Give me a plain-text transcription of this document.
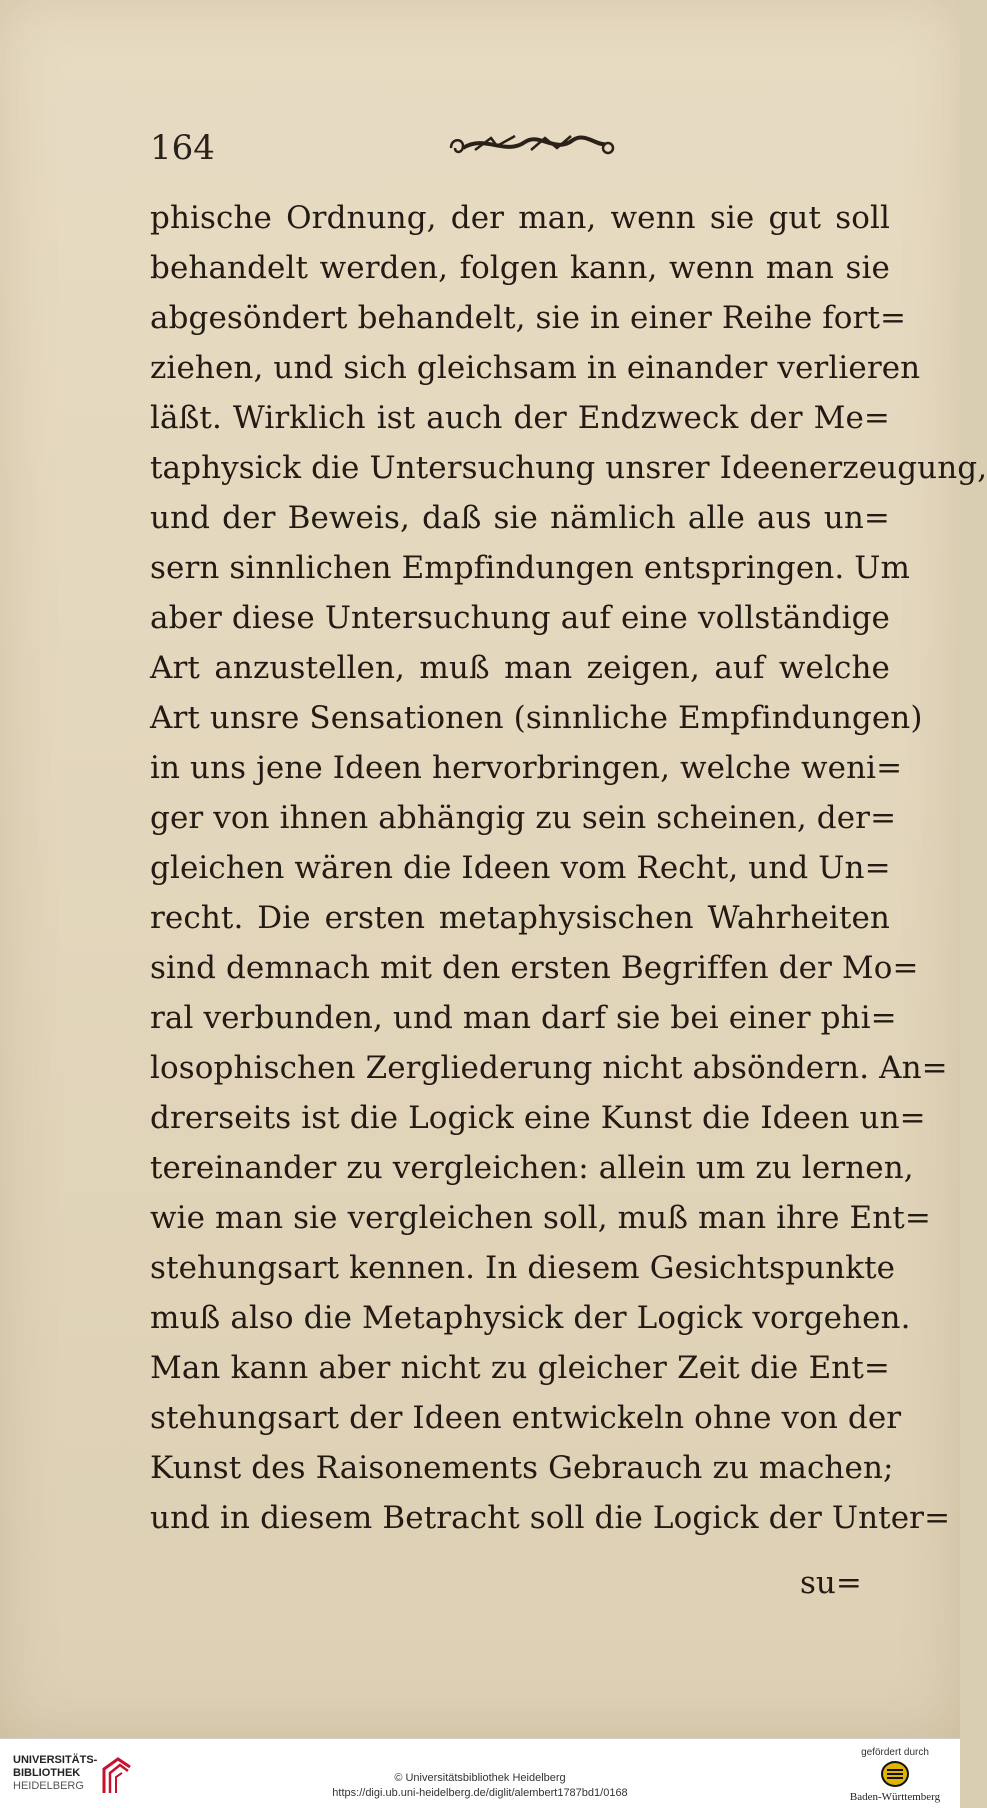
164
phische Ordnung, der man, wenn sie gut soll
behandelt werden, folgen kann, wenn man sie
abgesöndert behandelt, sie in einer Reihe fort=
ziehen, und sich gleichsam in einander verlieren
läßt. Wirklich ist auch der Endzweck der Me=
taphysick die Untersuchung unsrer Ideenerzeugung,
und der Beweis, daß sie nämlich alle aus un=
sern sinnlichen Empfindungen entspringen. Um
aber diese Untersuchung auf eine vollständige
Art anzustellen, muß man zeigen, auf welche
Art unsre Sensationen (sinnliche Empfindungen)
in uns jene Ideen hervorbringen, welche weni=
ger von ihnen abhängig zu sein scheinen, der=
gleichen wären die Ideen vom Recht, und Un=
recht. Die ersten metaphysischen Wahrheiten
sind demnach mit den ersten Begriffen der Mo=
ral verbunden, und man darf sie bei einer phi=
losophischen Zergliederung nicht absöndern. An=
drerseits ist die Logick eine Kunst die Ideen un=
tereinander zu vergleichen: allein um zu lernen,
wie man sie vergleichen soll, muß man ihre Ent=
stehungsart kennen. In diesem Gesichtspunkte
muß also die Metaphysick der Logick vorgehen.
Man kann aber nicht zu gleicher Zeit die Ent=
stehungsart der Ideen entwickeln ohne von der
Kunst des Raisonements Gebrauch zu machen;
und in diesem Betracht soll die Logick der Unter=
su=
UNIVERSITÄTS-
BIBLIOTHEK
HEIDELBERG
© Universitätsbibliothek Heidelberg
https://digi.ub.uni-heidelberg.de/diglit/alembert1787bd1/0168
gefördert durch
Baden-Württemberg
